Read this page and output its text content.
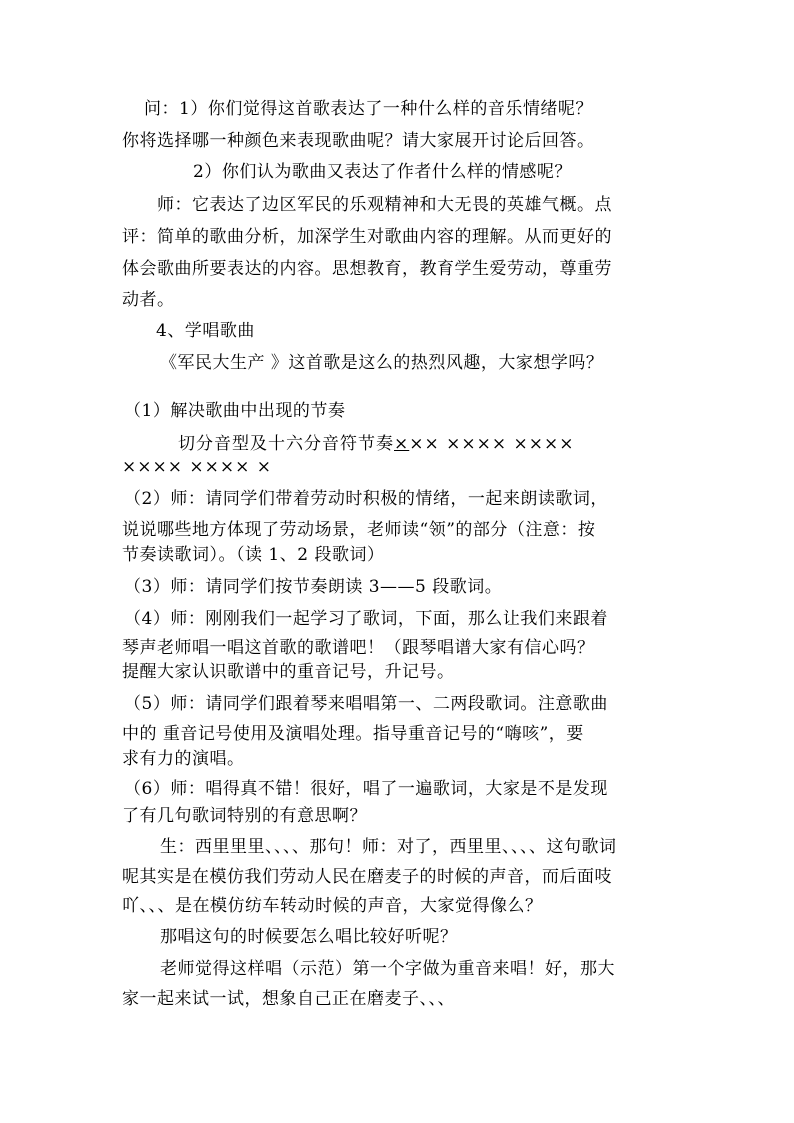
问：1）你们觉得这首歌表达了一种什么样的音乐情绪呢？
你将选择哪一种颜色来表现歌曲呢？请大家展开讨论后回答。
2）你们认为歌曲又表达了作者什么样的情感呢？
师：它表达了边区军民的乐观精神和大无畏的英雄气概。点
评：简单的歌曲分析，加深学生对歌曲内容的理解。从而更好的
体会歌曲所要表达的内容。思想教育，教育学生爱劳动，尊重劳
动者。
4、学唱歌曲
《军民大生产 》这首歌是这么的热烈风趣，大家想学吗？
（1）解决歌曲中出现的节奏
切分音型及十六分音符节奏××× ×××× ××××
×××× ×××× ×
（2）师：请同学们带着劳动时积极的情绪，一起来朗读歌词，
说说哪些地方体现了劳动场景，老师读“领”的部分（注意：按
节奏读歌词）。（读 1、2 段歌词）
（3）师：请同学们按节奏朗读 3——5 段歌词。
（4）师：刚刚我们一起学习了歌词，下面，那么让我们来跟着
琴声老师唱一唱这首歌的歌谱吧！（跟琴唱谱大家有信心吗？
提醒大家认识歌谱中的重音记号，升记号。
（5）师：请同学们跟着琴来唱唱第一、二两段歌词。注意歌曲
中的 重音记号使用及演唱处理。指导重音记号的“嗨咳”，要
求有力的演唱。
（6）师：唱得真不错！很好，唱了一遍歌词，大家是不是发现
了有几句歌词特别的有意思啊？
生：西里里里、、、、那句！师：对了，西里里、、、、这句歌词
呢其实是在模仿我们劳动人民在磨麦子的时候的声音，而后面吱
吖、、、是在模仿纺车转动时候的声音，大家觉得像么？
那唱这句的时候要怎么唱比较好听呢？
老师觉得这样唱（示范）第一个字做为重音来唱！好，那大
家一起来试一试，想象自己正在磨麦子、、、
